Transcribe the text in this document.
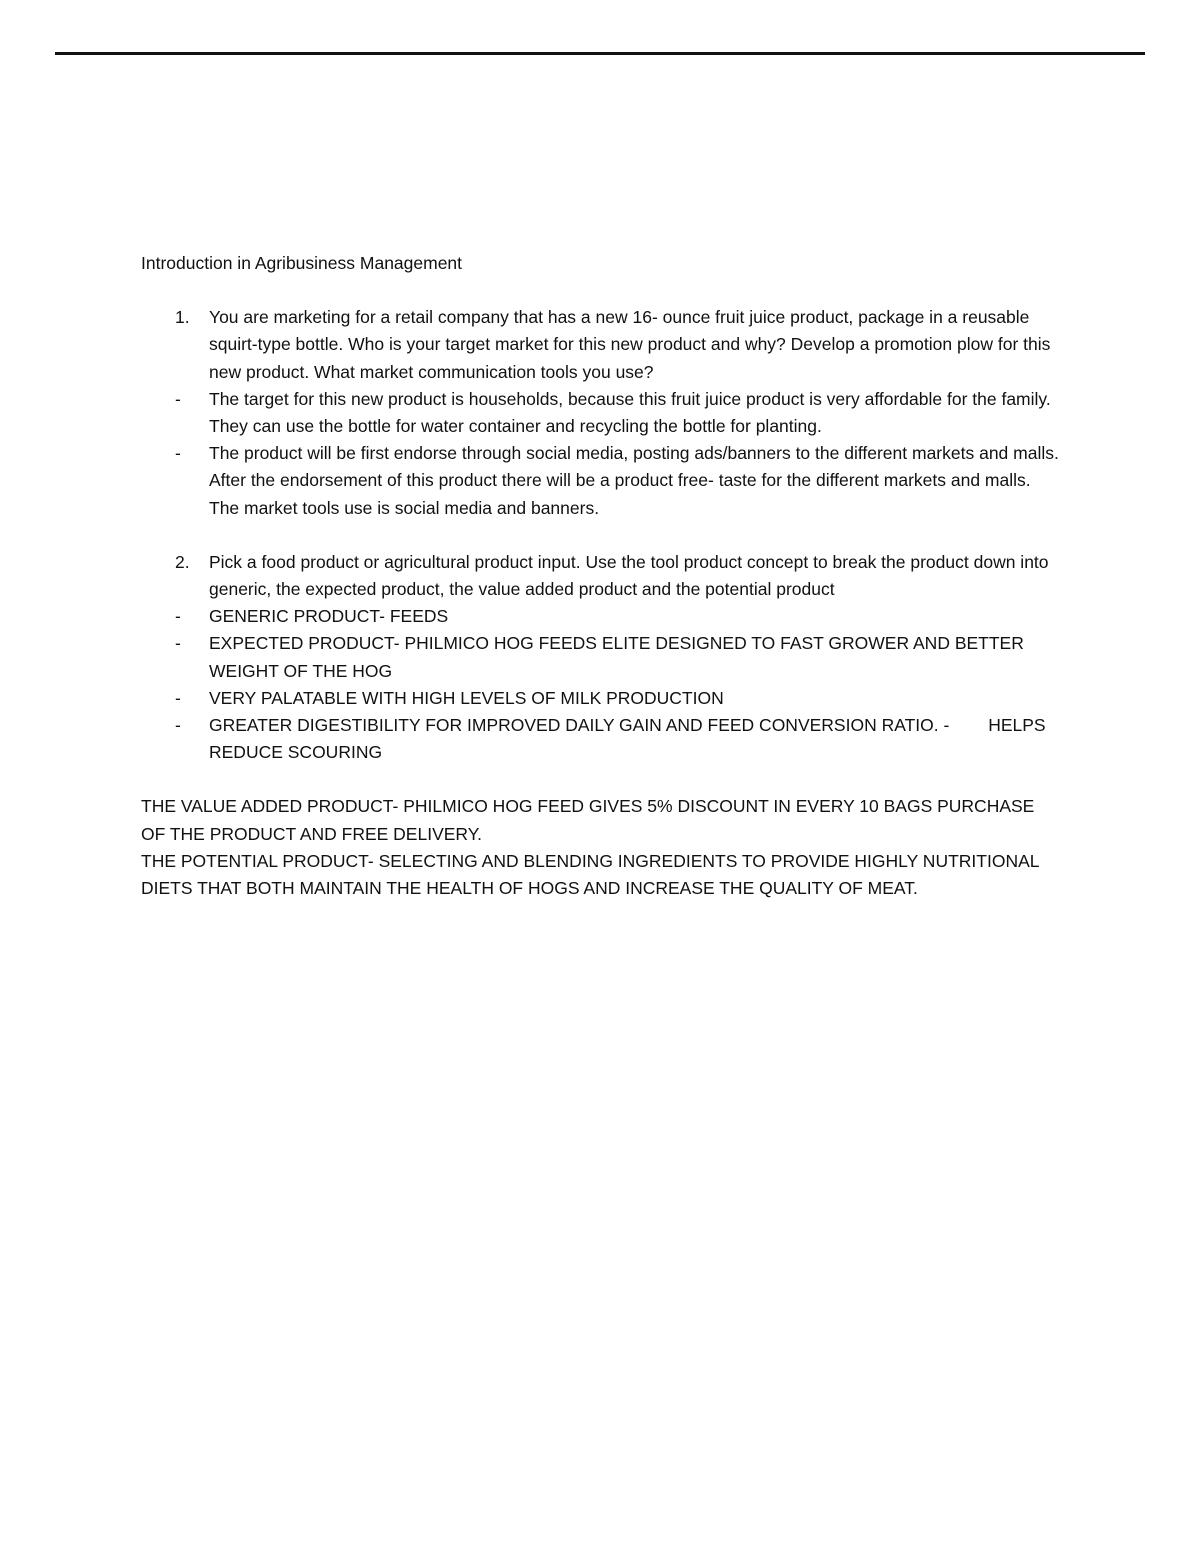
Introduction in Agribusiness Management

1.	You are marketing for a retail company that has a new 16- ounce fruit juice product, package in a reusable squirt-type bottle. Who is your target market for this new product and why? Develop a promotion plow for this new product. What market communication tools you use?
-	The target for this new product is households, because this fruit juice product is very affordable for the family. They can use the bottle for water container and recycling the bottle for planting.
-	The product will be first endorse through social media, posting ads/banners to the different markets and malls. After the endorsement of this product there will be a product free- taste for the different markets and malls. The market tools use is social media and banners.
2.	Pick a food product or agricultural product input. Use the tool product concept to break the product down into generic, the expected product, the value added product and the potential product
-	GENERIC PRODUCT- FEEDS
-	EXPECTED PRODUCT- PHILMICO HOG FEEDS ELITE DESIGNED TO FAST GROWER AND BETTER WEIGHT OF THE HOG
-	VERY PALATABLE WITH HIGH LEVELS OF MILK PRODUCTION
-	GREATER DIGESTIBILITY FOR IMPROVED DAILY GAIN AND FEED CONVERSION RATIO. -        HELPS REDUCE SCOURING

THE VALUE ADDED PRODUCT- PHILMICO HOG FEED GIVES 5% DISCOUNT IN EVERY 10 BAGS PURCHASE OF THE PRODUCT AND FREE DELIVERY.

THE POTENTIAL PRODUCT- SELECTING AND BLENDING INGREDIENTS TO PROVIDE HIGHLY NUTRITIONAL DIETS THAT BOTH MAINTAIN THE HEALTH OF HOGS AND INCREASE THE QUALITY OF MEAT.
